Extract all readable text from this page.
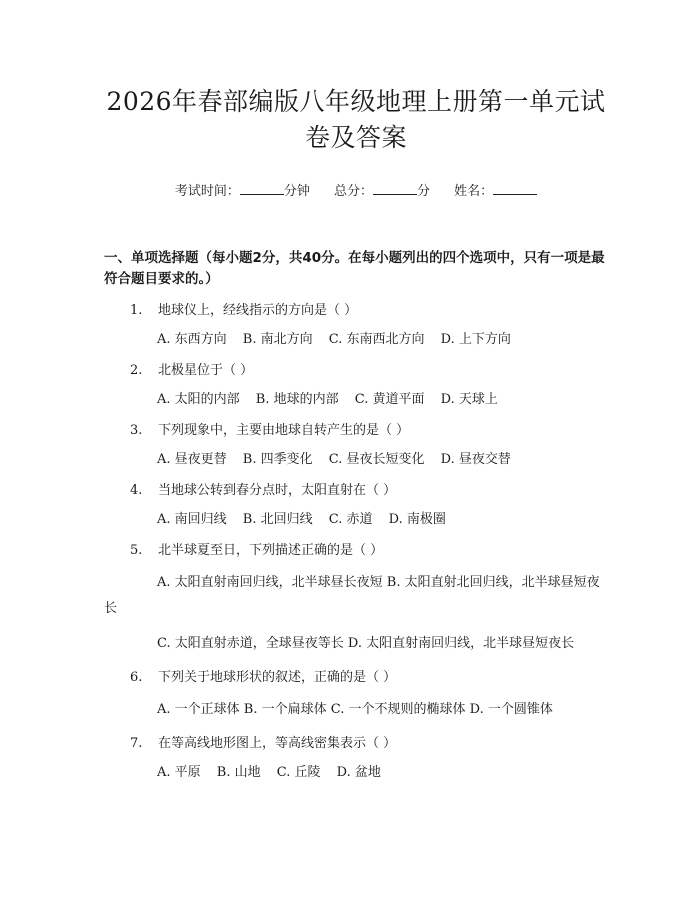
2026年春部编版八年级地理上册第一单元试
卷及答案
考试时间：	分钟 总分：	分 姓名：
一、单项选择题（每小题2分，共40分。在每小题列出的四个选项中，只有一项是最符合题目要求的。）
1.	地球仪上，经线指示的方向是（ ）
A. 东西方向 B. 南北方向 C. 东南西北方向 D. 上下方向
2.	北极星位于（ ）
A. 太阳的内部 B. 地球的内部 C. 黄道平面 D. 天球上
3.	下列现象中，主要由地球自转产生的是（ ）
A. 昼夜更替 B. 四季变化 C. 昼夜长短变化 D. 昼夜交替
4.	当地球公转到春分点时，太阳直射在（ ）
A. 南回归线 B. 北回归线 C. 赤道 D. 南极圈
5.	北半球夏至日，下列描述正确的是（ ）
A. 太阳直射南回归线，北半球昼长夜短 B. 太阳直射北回归线，北半球昼短夜长
C. 太阳直射赤道，全球昼夜等长 D. 太阳直射南回归线，北半球昼短夜长
6.	下列关于地球形状的叙述，正确的是（ ）
A. 一个正球体 B. 一个扁球体 C. 一个不规则的椭球体 D. 一个圆锥体
7.	在等高线地形图上，等高线密集表示（ ）
A. 平原 B. 山地 C. 丘陵 D. 盆地
